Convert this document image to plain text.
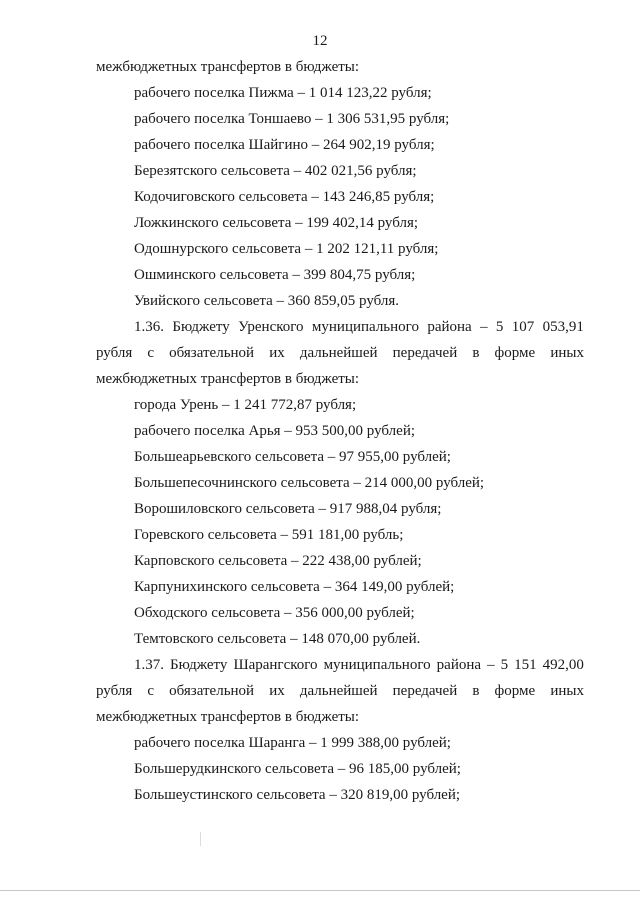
12
межбюджетных трансфертов в бюджеты:
рабочего поселка Пижма – 1 014 123,22 рубля;
рабочего поселка Тоншаево – 1 306 531,95 рубля;
рабочего поселка Шайгино – 264 902,19 рубля;
Березятского сельсовета – 402 021,56 рубля;
Кодочиговского сельсовета – 143 246,85 рубля;
Ложкинского сельсовета – 199 402,14 рубля;
Одошнурского сельсовета – 1 202 121,11 рубля;
Ошминского сельсовета – 399 804,75 рубля;
Увийского сельсовета – 360 859,05 рубля.
1.36. Бюджету Уренского муниципального района – 5 107 053,91
рубля с обязательной их дальнейшей передачей в форме иных
межбюджетных трансфертов в бюджеты:
города Урень – 1 241 772,87 рубля;
рабочего поселка Арья – 953 500,00 рублей;
Большеарьевского сельсовета – 97 955,00 рублей;
Большепесочнинского сельсовета – 214 000,00 рублей;
Ворошиловского сельсовета – 917 988,04 рубля;
Горевского сельсовета – 591 181,00 рубль;
Карповского сельсовета – 222 438,00 рублей;
Карпунихинского сельсовета – 364 149,00 рублей;
Обходского сельсовета – 356 000,00 рублей;
Темтовского сельсовета – 148 070,00 рублей.
1.37. Бюджету Шарангского муниципального района – 5 151 492,00
рубля с обязательной их дальнейшей передачей в форме иных
межбюджетных трансфертов в бюджеты:
рабочего поселка Шаранга – 1 999 388,00 рублей;
Большерудкинского сельсовета – 96 185,00 рублей;
Большеустинского сельсовета – 320 819,00 рублей;
